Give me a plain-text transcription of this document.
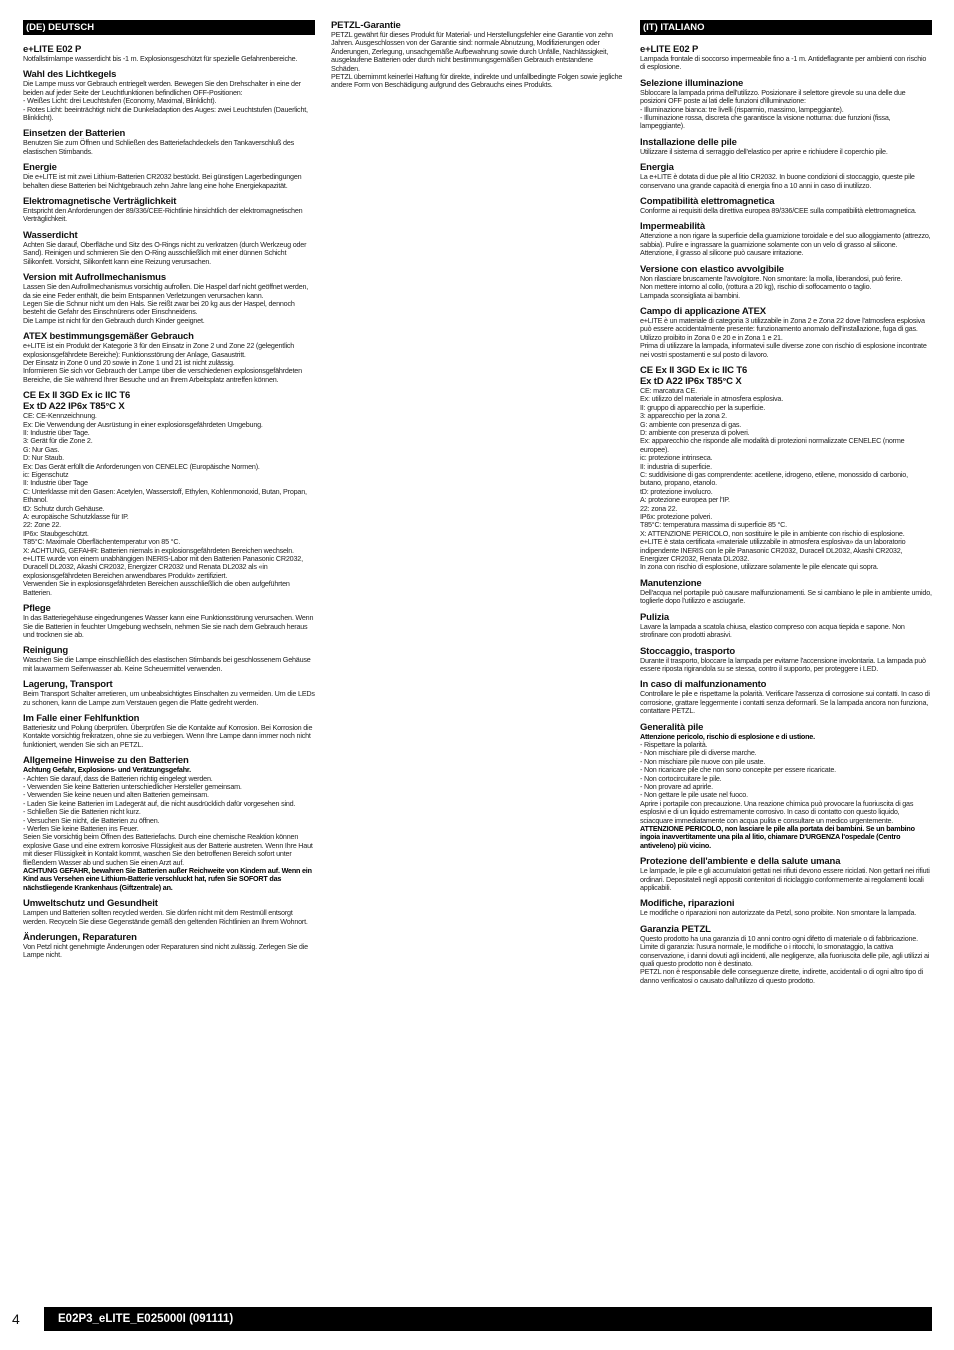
(DE) DEUTSCH
e+LITE E02 P

Notfallstirnlampe wasserdicht bis -1 m. Explosionsgeschützt für spezielle Gefahrenbereiche.

Wahl des Lichtkegels

Die Lampe muss vor Gebrauch entriegelt werden. Bewegen Sie den Drehschalter in eine der beiden auf jeder Seite der Leuchtfunktionen befindlichen OFF-Positionen:
- Weißes Licht: drei Leuchtstufen (Economy, Maximal, Blinklicht).
- Rotes Licht: beeinträchtigt nicht die Dunkeladaption des Auges: zwei Leuchtstufen (Dauerlicht, Blinklicht).

Einsetzen der Batterien

Benutzen Sie zum Öffnen und Schließen des Batteriefachdeckels den Tankaverschluß des elastischen Stirnbands.

Energie

Die e+LITE ist mit zwei Lithium-Batterien CR2032 bestückt. Bei günstigen Lagerbedingungen behalten diese Batterien bei Nichtgebrauch zehn Jahre lang eine hohe Energiekapazität.

Elektromagnetische Verträglichkeit

Entspricht den Anforderungen der 89/336/CEE-Richtlinie hinsichtlich der elektromagnetischen Verträglichkeit.

Wasserdicht

Achten Sie darauf, Oberfläche und Sitz des O-Rings nicht zu verkratzen (durch Werkzeug oder Sand). Reinigen und schmieren Sie den O-Ring ausschließlich mit einer dünnen Schicht Silikonfett. Vorsicht, Silikonfett kann eine Reizung verursachen.

Version mit Aufrollmechanismus

Lassen Sie den Aufrollmechanismus vorsichtig aufrollen. Die Haspel darf nicht geöffnet werden, da sie eine Feder enthält, die beim Entspannen Verletzungen verursachen kann.
Legen Sie die Schnur nicht um den Hals. Sie reißt zwar bei 20 kg aus der Haspel, dennoch besteht die Gefahr des Einschnürens oder Einschneidens.
Die Lampe ist nicht für den Gebrauch durch Kinder geeignet.

ATEX bestimmungsgemäßer Gebrauch

e+LITE ist ein Produkt der Kategorie 3 für den Einsatz in Zone 2 und Zone 22 (gelegentlich explosionsgefährdete Bereiche): Funktionsstörung der Anlage, Gasaustritt.
Der Einsatz in Zone 0 und 20 sowie in Zone 1 und 21 ist nicht zulässig.
Informieren Sie sich vor Gebrauch der Lampe über die verschiedenen explosionsgefährdeten Bereiche, die Sie während Ihrer Besuche und an Ihrem Arbeitsplatz antreffen können.

CE Ex II 3GD Ex ic IIC T6
Ex tD A22 IP6x T85°C X

CE: CE-Kennzeichnung.
Ex: Die Verwendung der Ausrüstung in einer explosionsgefährdeten Umgebung.
II: Industrie über Tage.
3: Gerät für die Zone 2.
G: Nur Gas.
D: Nur Staub.
Ex: Das Gerät erfüllt die Anforderungen von CENELEC (Europäische Normen).
ic: Eigenschutz
II: Industrie über Tage
C: Unterklasse mit den Gasen: Acetylen, Wasserstoff, Ethylen, Kohlenmonoxid, Butan, Propan, Ethanol.
tD: Schutz durch Gehäuse.
A: europäische Schutzklasse für IP.
22: Zone 22.
IP6x: Staubgeschützt.
T85°C: Maximale Oberflächentemperatur von 85 °C.
X: ACHTUNG, GEFAHR: Batterien niemals in explosionsgefährdeten Bereichen wechseln.
e+LITE wurde von einem unabhängigen INERIS-Labor mit den Batterien Panasonic CR2032, Duracell DL2032, Akashi CR2032, Energizer CR2032 und Renata DL2032 als «in explosionsgefährdeten Bereichen anwendbares Produkt» zertifiziert.
Verwenden Sie in explosionsgefährdeten Bereichen ausschließlich die oben aufgeführten Batterien.

Pflege

In das Batteriegehäuse eingedrungenes Wasser kann eine Funktionsstörung verursachen. Wenn Sie die Batterien in feuchter Umgebung wechseln, nehmen Sie sie nach dem Gebrauch heraus und trocknen sie ab.

Reinigung

Waschen Sie die Lampe einschließlich des elastischen Stirnbands bei geschlossenem Gehäuse mit lauwarmem Seifenwasser ab. Keine Scheuermittel verwenden.

Lagerung, Transport

Beim Transport Schalter arretieren, um unbeabsichtigtes Einschalten zu vermeiden. Um die LEDs zu schonen, kann die Lampe zum Verstauen gegen die Platte gedreht werden.

Im Falle einer Fehlfunktion

Batteriesitz und Polung überprüfen. Überprüfen Sie die Kontakte auf Korrosion. Bei Korrosion die Kontakte vorsichtig freikratzen, ohne sie zu verbiegen. Wenn Ihre Lampe dann immer noch nicht funktioniert, wenden Sie sich an PETZL.

Allgemeine Hinweise zu den Batterien

Achtung Gefahr, Explosions- und Verätzungsgefahr.

- Achten Sie darauf, dass die Batterien richtig eingelegt werden.
- Verwenden Sie keine Batterien unterschiedlicher Hersteller gemeinsam.
- Verwenden Sie keine neuen und alten Batterien gemeinsam.
- Laden Sie keine Batterien im Ladegerät auf, die nicht ausdrücklich dafür vorgesehen sind.
- Schließen Sie die Batterien nicht kurz.
- Versuchen Sie nicht, die Batterien zu öffnen.
- Werfen Sie keine Batterien ins Feuer.
Seien Sie vorsichtig beim Öffnen des Batteriefachs. Durch eine chemische Reaktion können explosive Gase und eine extrem korrosive Flüssigkeit aus der Batterie austreten. Wenn Ihre Haut mit dieser Flüssigkeit in Kontakt kommt, waschen Sie den betroffenen Bereich sofort unter fließendem Wasser ab und suchen Sie einen Arzt auf.

ACHTUNG GEFAHR, bewahren Sie Batterien außer Reichweite von Kindern auf. Wenn ein Kind aus Versehen eine Lithium-Batterie verschluckt hat, rufen Sie SOFORT das nächstliegende Krankenhaus (Giftzentrale) an.

Umweltschutz und Gesundheit

Lampen und Batterien sollten recycled werden. Sie dürfen nicht mit dem Restmüll entsorgt werden. Recyceln Sie diese Gegenstände gemäß den geltenden Richtlinien an Ihrem Wohnort.

Änderungen, Reparaturen

Von Petzl nicht genehmigte Änderungen oder Reparaturen sind nicht zulässig. Zerlegen Sie die Lampe nicht.

PETZL-Garantie

PETZL gewährt für dieses Produkt für Material- und Herstellungsfehler eine Garantie von zehn Jahren. Ausgeschlossen von der Garantie sind: normale Abnutzung, Modifizierungen oder Änderungen, Zerlegung, unsachgemäße Aufbewahrung sowie durch Unfälle, Nachlässigkeit, ausgelaufene Batterien oder durch nicht bestimmungsgemäßen Gebrauch entstandene Schäden.
PETZL übernimmt keinerlei Haftung für direkte, indirekte und unfallbedingte Folgen sowie jegliche andere Form von Beschädigung aufgrund des Gebrauchs eines Produkts.

(IT) ITALIANO
e+LITE E02 P

Lampada frontale di soccorso impermeabile fino a -1 m. Antideflagrante per ambienti con rischio di esplosione.

Selezione illuminazione

Sbloccare la lampada prima dell'utilizzo. Posizionare il selettore girevole su una delle due posizioni OFF poste ai lati delle funzioni d'illuminazione:
- Illuminazione bianca: tre livelli (risparmio, massimo, lampeggiante).
- Illuminazione rossa, discreta che garantisce la visione notturna: due funzioni (fissa, lampeggiante).

Installazione delle pile

Utilizzare il sistema di serraggio dell'elastico per aprire e richiudere il coperchio pile.

Energia

La e+LITE è dotata di due pile al litio CR2032. In buone condizioni di stoccaggio, queste pile conservano una grande capacità di energia fino a 10 anni in caso di inutilizzo.

Compatibilità elettromagnetica

Conforme ai requisiti della direttiva europea 89/336/CEE sulla compatibilità elettromagnetica.

Impermeabilità

Attenzione a non rigare la superficie della guarnizione toroidale e del suo alloggiamento (attrezzo, sabbia). Pulire e ingrassare la guarnizione solamente con un velo di grasso al silicone. Attenzione, il grasso al silicone può causare irritazione.

Versione con elastico avvolgibile

Non rilasciare bruscamente l'avvolgitore. Non smontare: la molla, liberandosi, può ferire.
Non mettere intorno al collo, (rottura a 20 kg), rischio di soffocamento o taglio.
Lampada sconsigliata ai bambini.

Campo di applicazione ATEX

e+LITE è un materiale di categoria 3 utilizzabile in Zona 2 e Zona 22 dove l'atmosfera esplosiva può essere accidentalmente presente: funzionamento anomalo dell'installazione, fuga di gas.
Utilizzo proibito in Zona 0 e 20 e in Zona 1 e 21.
Prima di utilizzare la lampada, informatevi sulle diverse zone con rischio di esplosione incontrate nei vostri spostamenti e sul posto di lavoro.

CE Ex II 3GD Ex ic IIC T6
Ex tD A22 IP6x T85°C X

CE: marcatura CE.
Ex: utilizzo del materiale in atmosfera esplosiva.
II: gruppo di apparecchio per la superficie.
3: apparecchio per la zona 2.
G: ambiente con presenza di gas.
D: ambiente con presenza di polveri.
Ex: apparecchio che risponde alle modalità di protezioni normalizzate CENELEC (norme europee).
ic: protezione intrinseca.
II: industria di superficie.
C: suddivisione di gas comprendente: acetilene, idrogeno, etilene, monossido di carbonio, butano, propano, etanolo.
tD: protezione involucro.
A: protezione europea per l'IP.
22: zona 22.
IP6x: protezione polveri.
T85°C: temperatura massima di superficie 85 °C.
X: ATTENZIONE PERICOLO, non sostituire le pile in ambiente con rischio di esplosione.
e+LITE è stata certificata «materiale utilizzabile in atmosfera esplosiva» da un laboratorio indipendente INERIS con le pile Panasonic CR2032, Duracell DL2032, Akashi CR2032, Energizer CR2032, Renata DL2032.
In zona con rischio di esplosione, utilizzare solamente le pile elencate qui sopra.

Manutenzione

Dell'acqua nel portapile può causare malfunzionamenti. Se si cambiano le pile in ambiente umido, toglierle dopo l'utilizzo e asciugarle.

Pulizia

Lavare la lampada a scatola chiusa, elastico compreso con acqua tiepida e sapone. Non strofinare con prodotti abrasivi.

Stoccaggio, trasporto

Durante il trasporto, bloccare la lampada per evitarne l'accensione involontaria. La lampada può essere riposta rigirandola su se stessa, contro il supporto, per proteggere i LED.

In caso di malfunzionamento

Controllare le pile e rispettarne la polarità. Verificare l'assenza di corrosione sui contatti. In caso di corrosione, grattare leggermente i contatti senza deformarli. Se la lampada ancora non funziona, contattare PETZL.

Generalità pile

Attenzione pericolo, rischio di esplosione e di ustione.

- Rispettare la polarità.
- Non mischiare pile di diverse marche.
- Non mischiare pile nuove con pile usate.
- Non ricaricare pile che non sono concepite per essere ricaricate.
- Non cortocircuitare le pile.
- Non provare ad aprirle.
- Non gettare le pile usate nel fuoco.
Aprire i portapile con precauzione. Una reazione chimica può provocare la fuoriuscita di gas esplosivi e di un liquido estremamente corrosivo. In caso di contatto con questo liquido, sciacquare immediatamente con acqua pulita e consultare un medico urgentemente.

ATTENZIONE PERICOLO, non lasciare le pile alla portata dei bambini. Se un bambino ingoia inavvertitamente una pila al litio, chiamare D'URGENZA l'ospedale (Centro antiveleno) più vicino.

Protezione dell'ambiente e della salute umana

Le lampade, le pile e gli accumulatori gettati nei rifiuti devono essere riciclati. Non gettarli nei rifiuti ordinari. Depositateli negli appositi contenitori di riciclaggio conformemente ai regolamenti locali applicabili.

Modifiche, riparazioni

Le modifiche o riparazioni non autorizzate da Petzl, sono proibite. Non smontare la lampada.

Garanzia PETZL

Questo prodotto ha una garanzia di 10 anni contro ogni difetto di materiale o di fabbricazione. Limite di garanzia: l'usura normale, le modifiche o i ritocchi, lo smonataggio, la cattiva conservazione, i danni dovuti agli incidenti, alle negligenze, alla fuoriuscita delle pile, agli utilizzi ai quali questo prodotto non è destinato.
PETZL non è responsabile delle conseguenze dirette, indirette, accidentali o di ogni altro tipo di danno verificatosi o causato dall'utilizzo di questo prodotto.

4	E02P3_eLITE_E025000I (091111)
